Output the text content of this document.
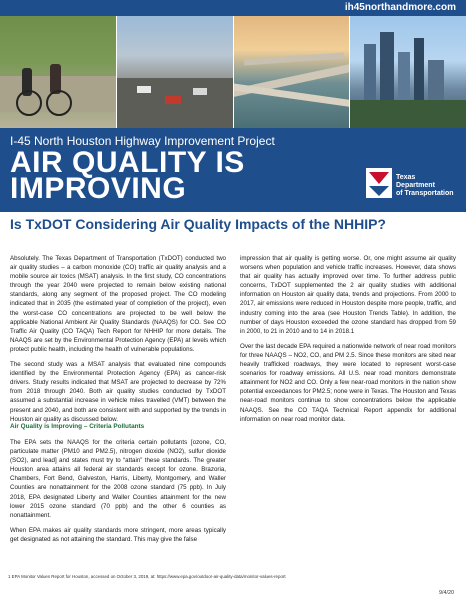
ih45northandmore.com
I-45 North Houston Highway Improvement Project
AIR QUALITY IS IMPROVING	Texas
Department
of Transportation
Is TxDOT Considering Air Quality Impacts of the NHHIP?

Absolutely. The Texas Department of Transportation (TxDOT) conducted two air quality studies – a carbon monoxide (CO) traffic air quality analysis and a mobile source air toxics (MSAT) analysis. In the first study, CO concentrations through the year 2040 were projected to remain below existing national standards, along any segment of the proposed project. The CO modeling indicated that in 2035 (the estimated year of completion of the project), even the worst-case CO concentrations are projected to be well below the applicable National Ambient Air Quality Standards (NAAQS) for CO. See CO Traffic Air Quality (CO TAQA) Tech Report for NHHIP for more details. The NAAQS are set by the Environmental Protection Agency (EPA) at levels which protect public health, including the health of vulnerable populations.

The second study was a MSAT analysis that evaluated nine compounds identified by the Environmental Protection Agency (EPA) as cancer-risk drivers. Study results indicated that MSAT are projected to decrease by 72% from 2018 through 2040. Both air quality studies conducted by TxDOT assumed a substantial increase in vehicle miles travelled (VMT) between the present and 2040, and both are consistent with and supported by the trends in Houston air quality as discussed below.

Air Quality is Improving – Criteria Pollutants

The EPA sets the NAAQS for the criteria certain pollutants [ozone, CO, particulate matter (PM10 and PM2.5), nitrogen dioxide (NO2), sulfur dioxide (SO2), and lead] and states must try to “attain” these standards. The greater Houston area attains all federal air standards except for ozone. Brazoria, Chambers, Fort Bend, Galveston, Harris, Liberty, Montgomery, and Waller Counties are nonattainment for the 2008 ozone standard (75 ppb). In July 2018, EPA designated Liberty and Waller Counties attainment for the new lower 2015 ozone standard (70 ppb) and the other 6 counties as nonattainment.

When EPA makes air quality standards more stringent, more areas typically get designated as not attaining the standard. This may give the false

impression that air quality is getting worse. Or, one might assume air quality worsens when population and vehicle traffic increases. However, data shows that air quality has actually improved over time. To further address public concerns, TxDOT supplemented the 2 air quality studies with additional information on Houston air quality data, trends and projections. From 2000 to 2017, air emissions were reduced in Houston despite more people, traffic, and industry coming into the area (see Houston Trends Table). In addition, the number of days Houston exceeded the ozone standard has dropped from 59 in 2000, to 21 in 2010 and to 14 in 2018.1

Over the last decade EPA required a nationwide network of near road monitors for three NAAQS – NO2, CO, and PM 2.5. Since these monitors are sited near heavily trafficked roadways, they were located to represent worst-case scenarios for roadway emissions. All U.S. near road monitors demonstrate attainment for NO2 and CO. Only a few near-road monitors in the nation show potential exceedances for PM2.5; none were in Texas. The Houston and Texas near-road monitors continue to show concentrations below the applicable NAAQS. See the CO TAQA Technical Report appendix for additional information on near road monitor data.

1 EPA Monitor Values Report for Houston, accessed on October 3, 2019, at: https://www.epa.gov/outdoor-air-quality-data/monitor-values-report
9/4/20
